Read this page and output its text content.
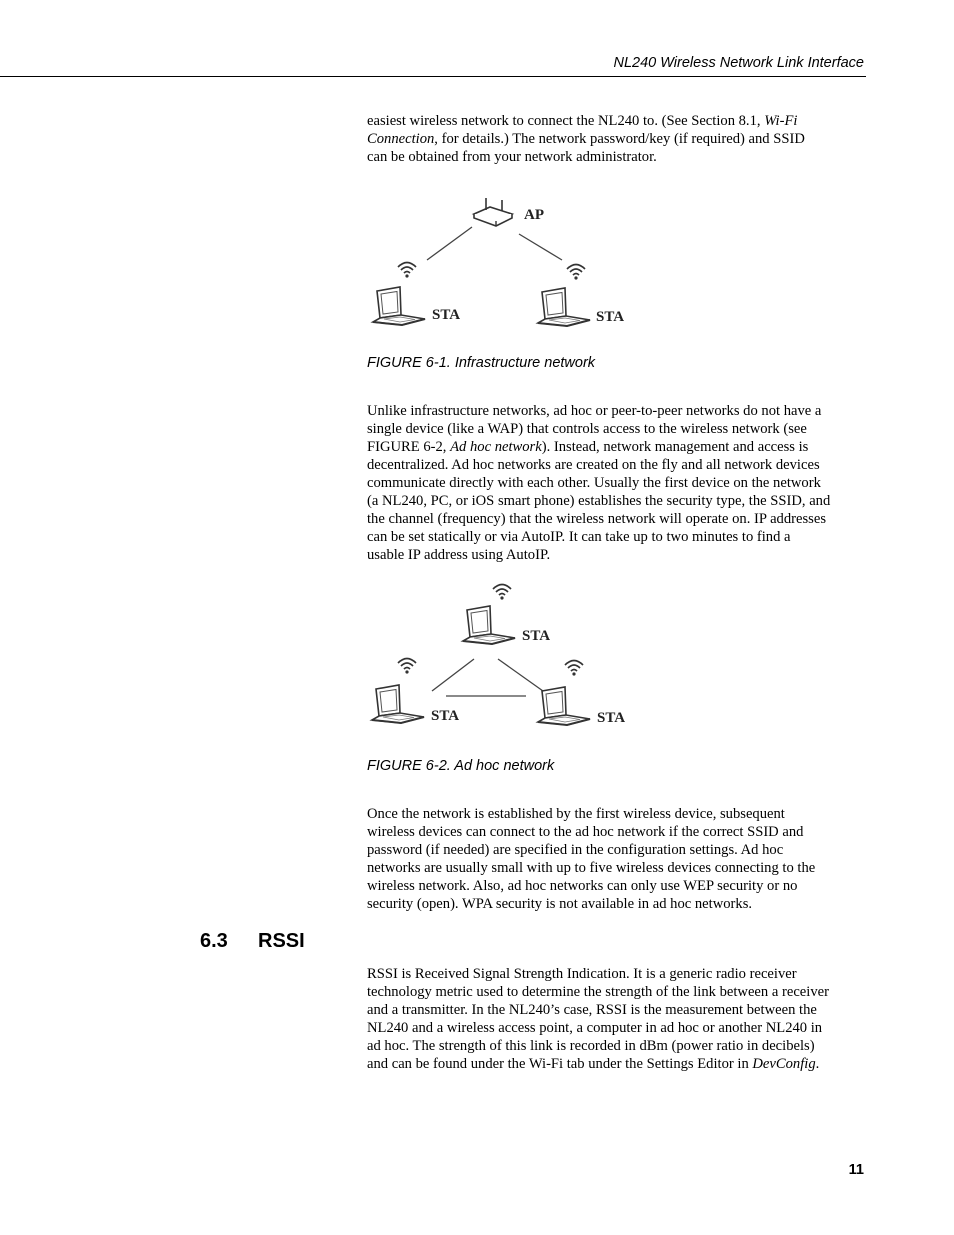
NL240 Wireless Network Link Interface

easiest wireless network to connect the NL240 to. (See Section 8.1, Wi-Fi
Connection, for details.) The network password/key (if required) and SSID
can be obtained from your network administrator.

AP
STA	STA
FIGURE 6-1. Infrastructure network

Unlike infrastructure networks, ad hoc or peer-to-peer networks do not have a
single device (like a WAP) that controls access to the wireless network (see
FIGURE 6-2, Ad hoc network). Instead, network management and access is
decentralized. Ad hoc networks are created on the fly and all network devices
communicate directly with each other. Usually the first device on the network
(a NL240, PC, or iOS smart phone) establishes the security type, the SSID, and
the channel (frequency) that the wireless network will operate on. IP addresses
can be set statically or via AutoIP. It can take up to two minutes to find a
usable IP address using AutoIP.

STA
STA	STA
FIGURE 6-2. Ad hoc network

Once the network is established by the first wireless device, subsequent
wireless devices can connect to the ad hoc network if the correct SSID and
password (if needed) are specified in the configuration settings. Ad hoc
networks are usually small with up to five wireless devices connecting to the
wireless network. Also, ad hoc networks can only use WEP security or no
security (open). WPA security is not available in ad hoc networks.

6.3 RSSI

RSSI is Received Signal Strength Indication. It is a generic radio receiver
technology metric used to determine the strength of the link between a receiver
and a transmitter. In the NL240’s case, RSSI is the measurement between the
NL240 and a wireless access point, a computer in ad hoc or another NL240 in
ad hoc. The strength of this link is recorded in dBm (power ratio in decibels)
and can be found under the Wi-Fi tab under the Settings Editor in DevConfig.

11
